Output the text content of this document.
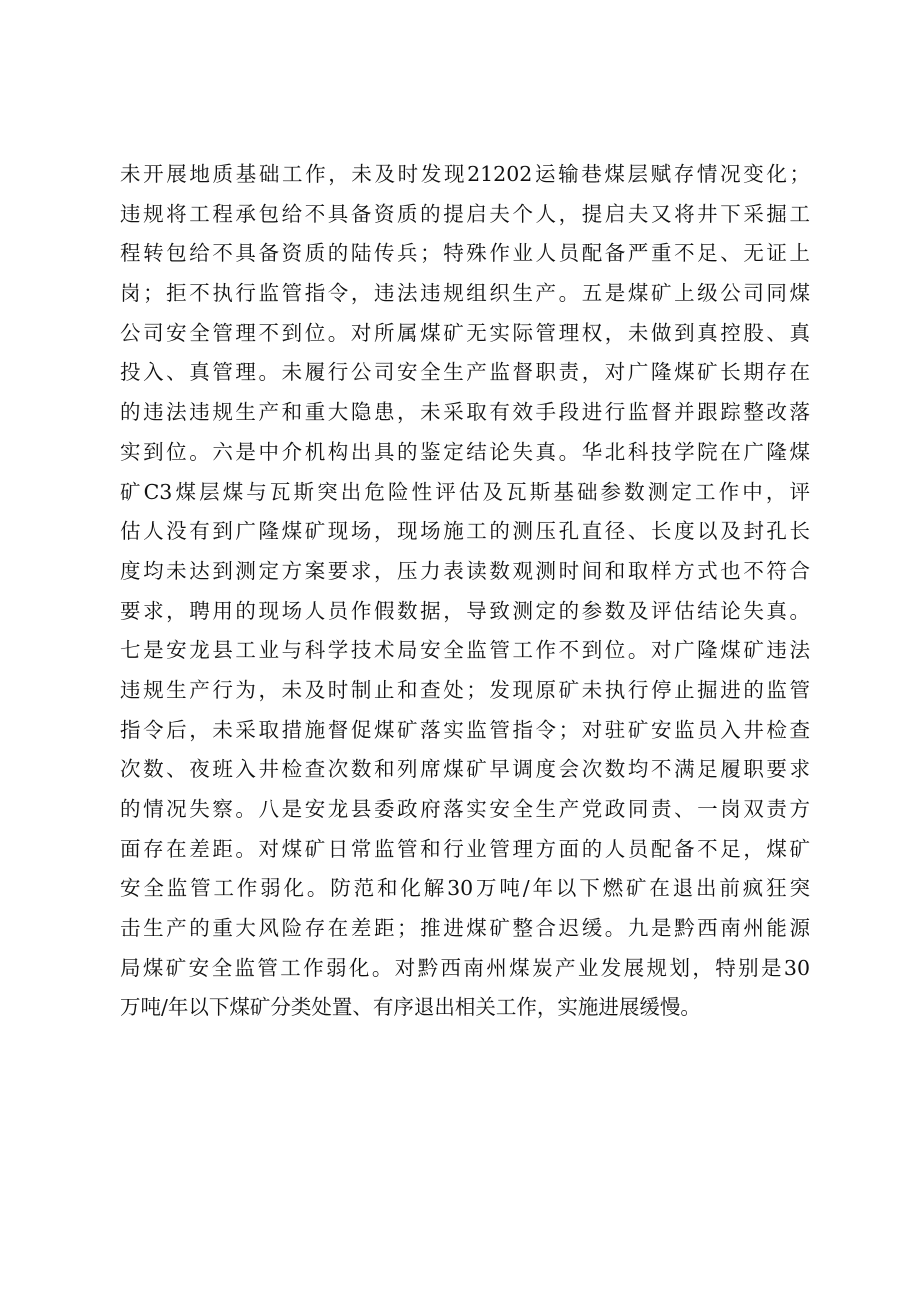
未开展地质基础工作，未及时发现21202运输巷煤层赋存情况变化；
违规将工程承包给不具备资质的提启夫个人，提启夫又将井下采掘工
程转包给不具备资质的陆传兵；特殊作业人员配备严重不足、无证上
岗；拒不执行监管指令，违法违规组织生产。五是煤矿上级公司同煤
公司安全管理不到位。对所属煤矿无实际管理权，未做到真控股、真
投入、真管理。未履行公司安全生产监督职责，对广隆煤矿长期存在
的违法违规生产和重大隐患，未采取有效手段进行监督并跟踪整改落
实到位。六是中介机构出具的鉴定结论失真。华北科技学院在广隆煤
矿C3煤层煤与瓦斯突出危险性评估及瓦斯基础参数测定工作中，评
估人没有到广隆煤矿现场，现场施工的测压孔直径、长度以及封孔长
度均未达到测定方案要求，压力表读数观测时间和取样方式也不符合
要求，聘用的现场人员作假数据，导致测定的参数及评估结论失真。
七是安龙县工业与科学技术局安全监管工作不到位。对广隆煤矿违法
违规生产行为，未及时制止和查处；发现原矿未执行停止掘进的监管
指令后，未采取措施督促煤矿落实监管指令；对驻矿安监员入井检查
次数、夜班入井检查次数和列席煤矿早调度会次数均不满足履职要求
的情况失察。八是安龙县委政府落实安全生产党政同责、一岗双责方
面存在差距。对煤矿日常监管和行业管理方面的人员配备不足，煤矿
安全监管工作弱化。防范和化解30万吨/年以下燃矿在退出前疯狂突
击生产的重大风险存在差距；推进煤矿整合迟缓。九是黔西南州能源
局煤矿安全监管工作弱化。对黔西南州煤炭产业发展规划，特别是30
万吨/年以下煤矿分类处置、有序退出相关工作，实施进展缓慢。
